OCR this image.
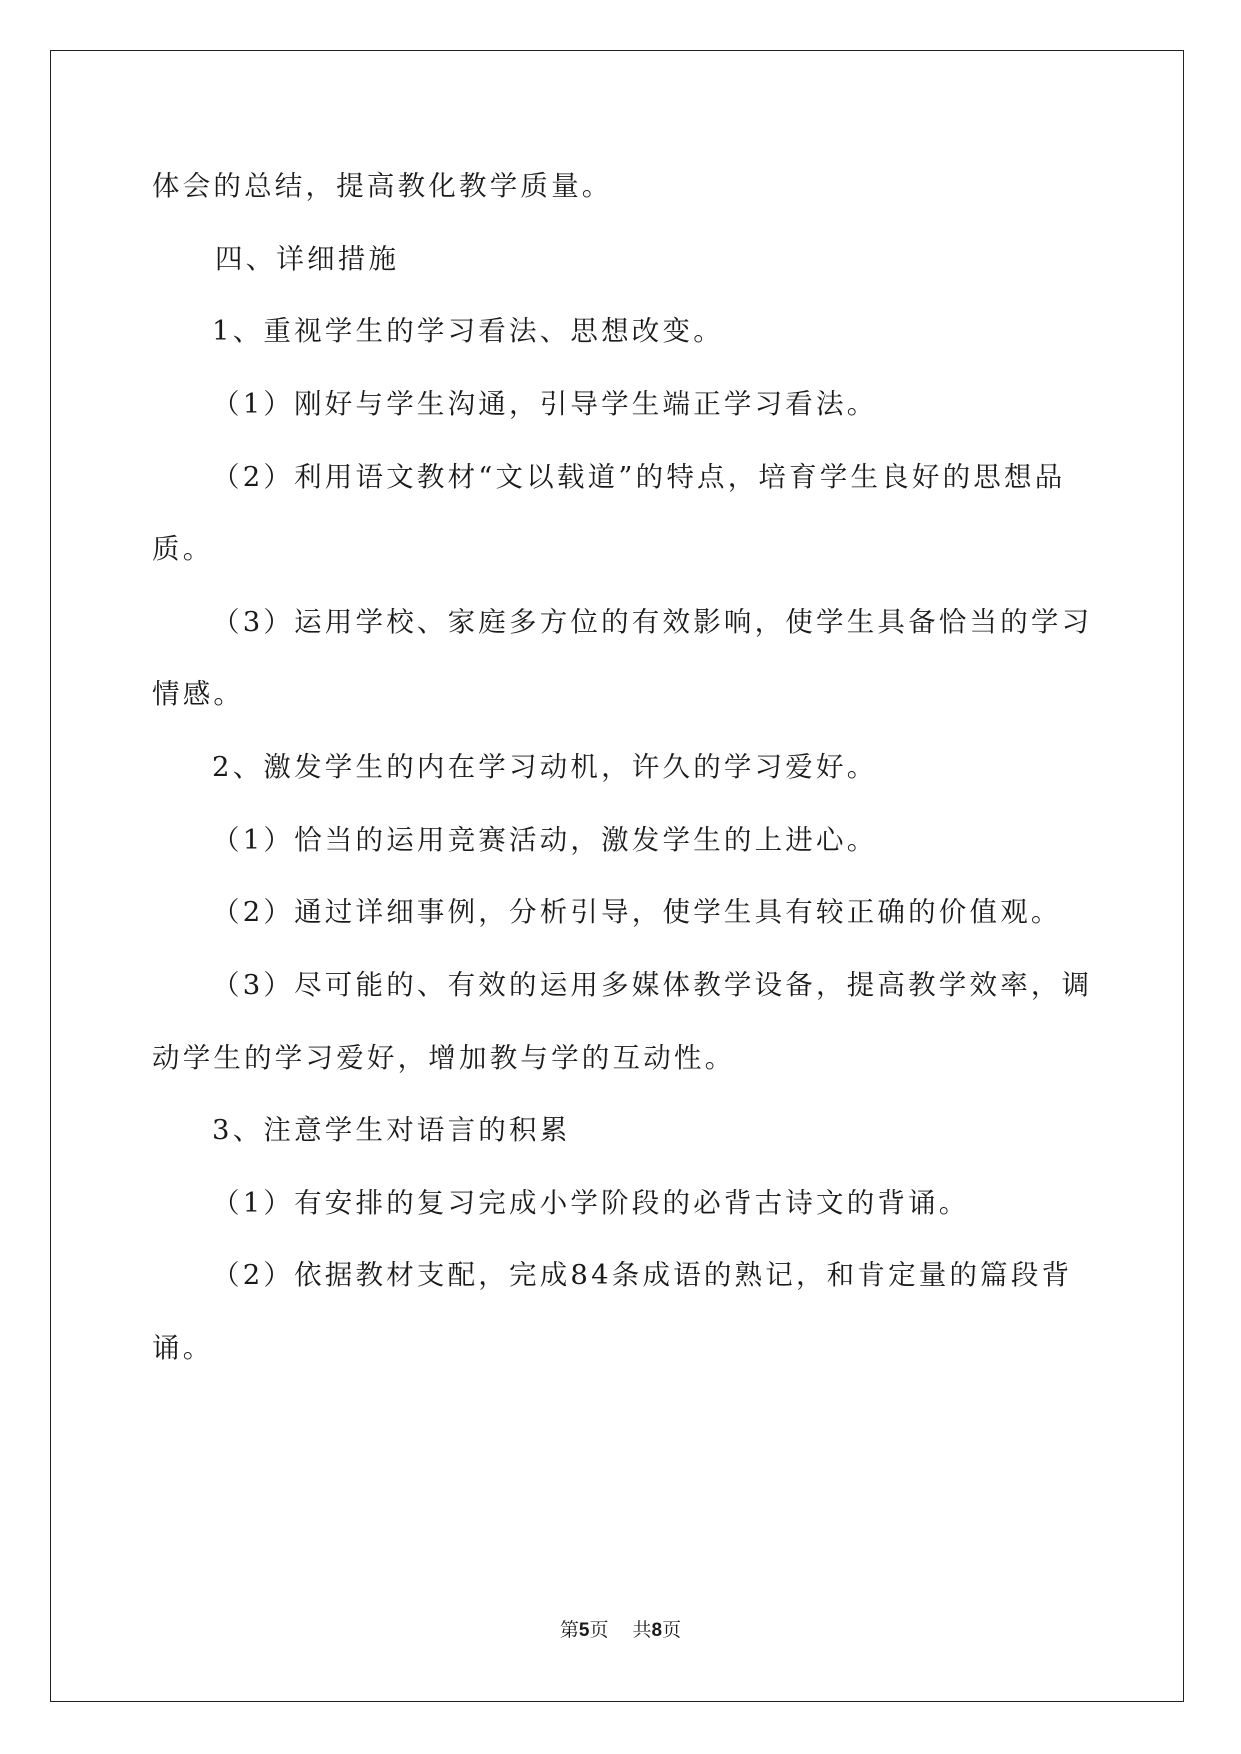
体会的总结，提高教化教学质量。
四、详细措施
1、重视学生的学习看法、思想改变。
（1）刚好与学生沟通，引导学生端正学习看法。
（2）利用语文教材“文以载道”的特点，培育学生良好的思想品
质。
（3）运用学校、家庭多方位的有效影响，使学生具备恰当的学习
情感。
2、激发学生的内在学习动机，许久的学习爱好。
（1）恰当的运用竞赛活动，激发学生的上进心。
（2）通过详细事例，分析引导，使学生具有较正确的价值观。
（3）尽可能的、有效的运用多媒体教学设备，提高教学效率，调
动学生的学习爱好，增加教与学的互动性。
3、注意学生对语言的积累
（1）有安排的复习完成小学阶段的必背古诗文的背诵。
（2）依据教材支配，完成84条成语的熟记，和肯定量的篇段背
诵。
第5页 共8页
